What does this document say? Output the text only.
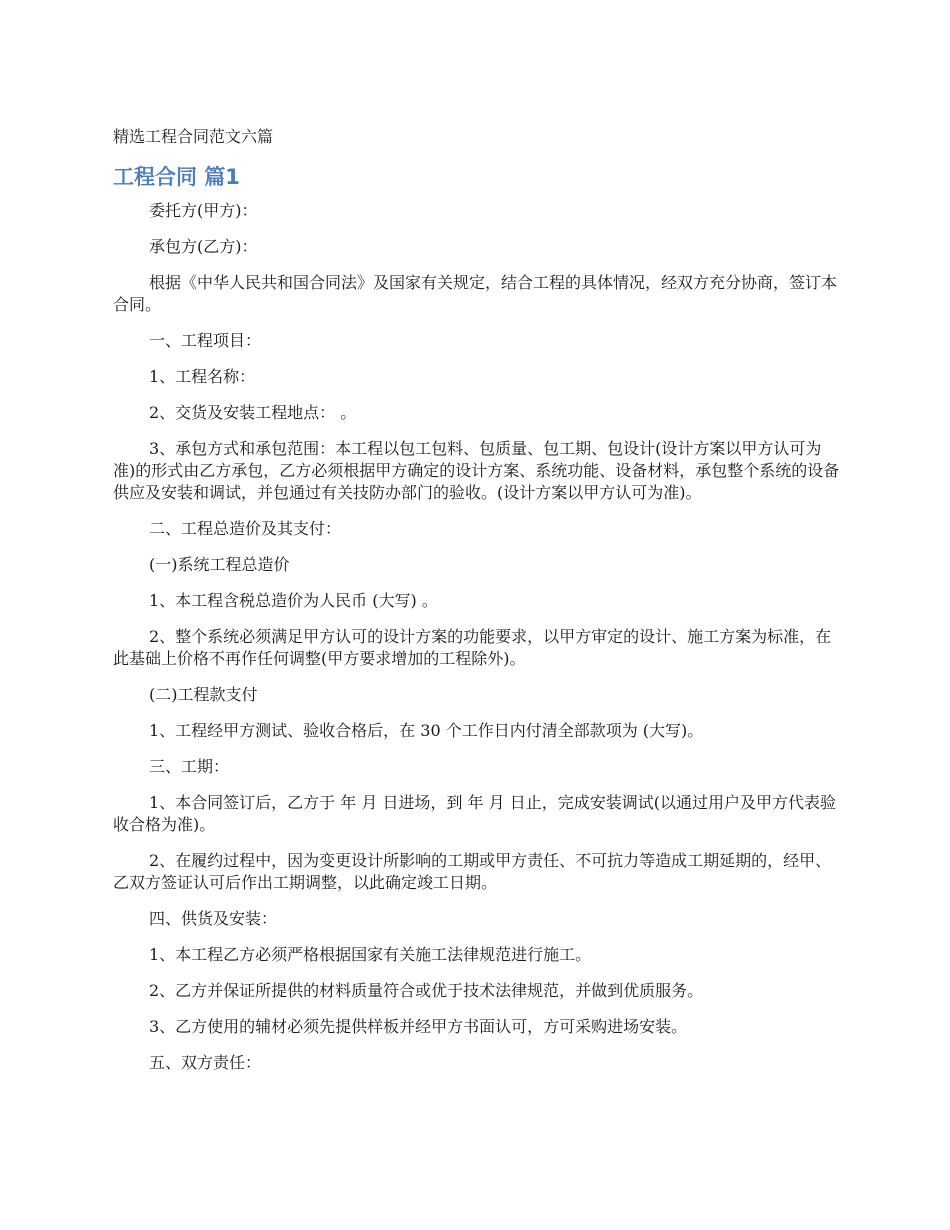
精选工程合同范文六篇
工程合同 篇1

委托方(甲方)：

承包方(乙方)：

根据《中华人民共和国合同法》及国家有关规定，结合工程的具体情况，经双方充分协商，签订本合同。

一、工程项目：

1、工程名称：

2、交货及安装工程地点： 。

3、承包方式和承包范围：本工程以包工包料、包质量、包工期、包设计(设计方案以甲方认可为准)的形式由乙方承包，乙方必须根据甲方确定的设计方案、系统功能、设备材料，承包整个系统的设备供应及安装和调试，并包通过有关技防办部门的验收。(设计方案以甲方认可为准)。

二、工程总造价及其支付：

(一)系统工程总造价

1、本工程含税总造价为人民币 (大写) 。

2、整个系统必须满足甲方认可的设计方案的功能要求，以甲方审定的设计、施工方案为标准，在此基础上价格不再作任何调整(甲方要求增加的工程除外)。

(二)工程款支付

1、工程经甲方测试、验收合格后，在 30 个工作日内付清全部款项为 (大写)。

三、工期：

1、本合同签订后，乙方于 年 月 日进场，到 年 月 日止，完成安装调试(以通过用户及甲方代表验收合格为准)。

2、在履约过程中，因为变更设计所影响的工期或甲方责任、不可抗力等造成工期延期的，经甲、乙双方签证认可后作出工期调整，以此确定竣工日期。

四、供货及安装：

1、本工程乙方必须严格根据国家有关施工法律规范进行施工。

2、乙方并保证所提供的材料质量符合或优于技术法律规范，并做到优质服务。

3、乙方使用的辅材必须先提供样板并经甲方书面认可，方可采购进场安装。

五、双方责任：
